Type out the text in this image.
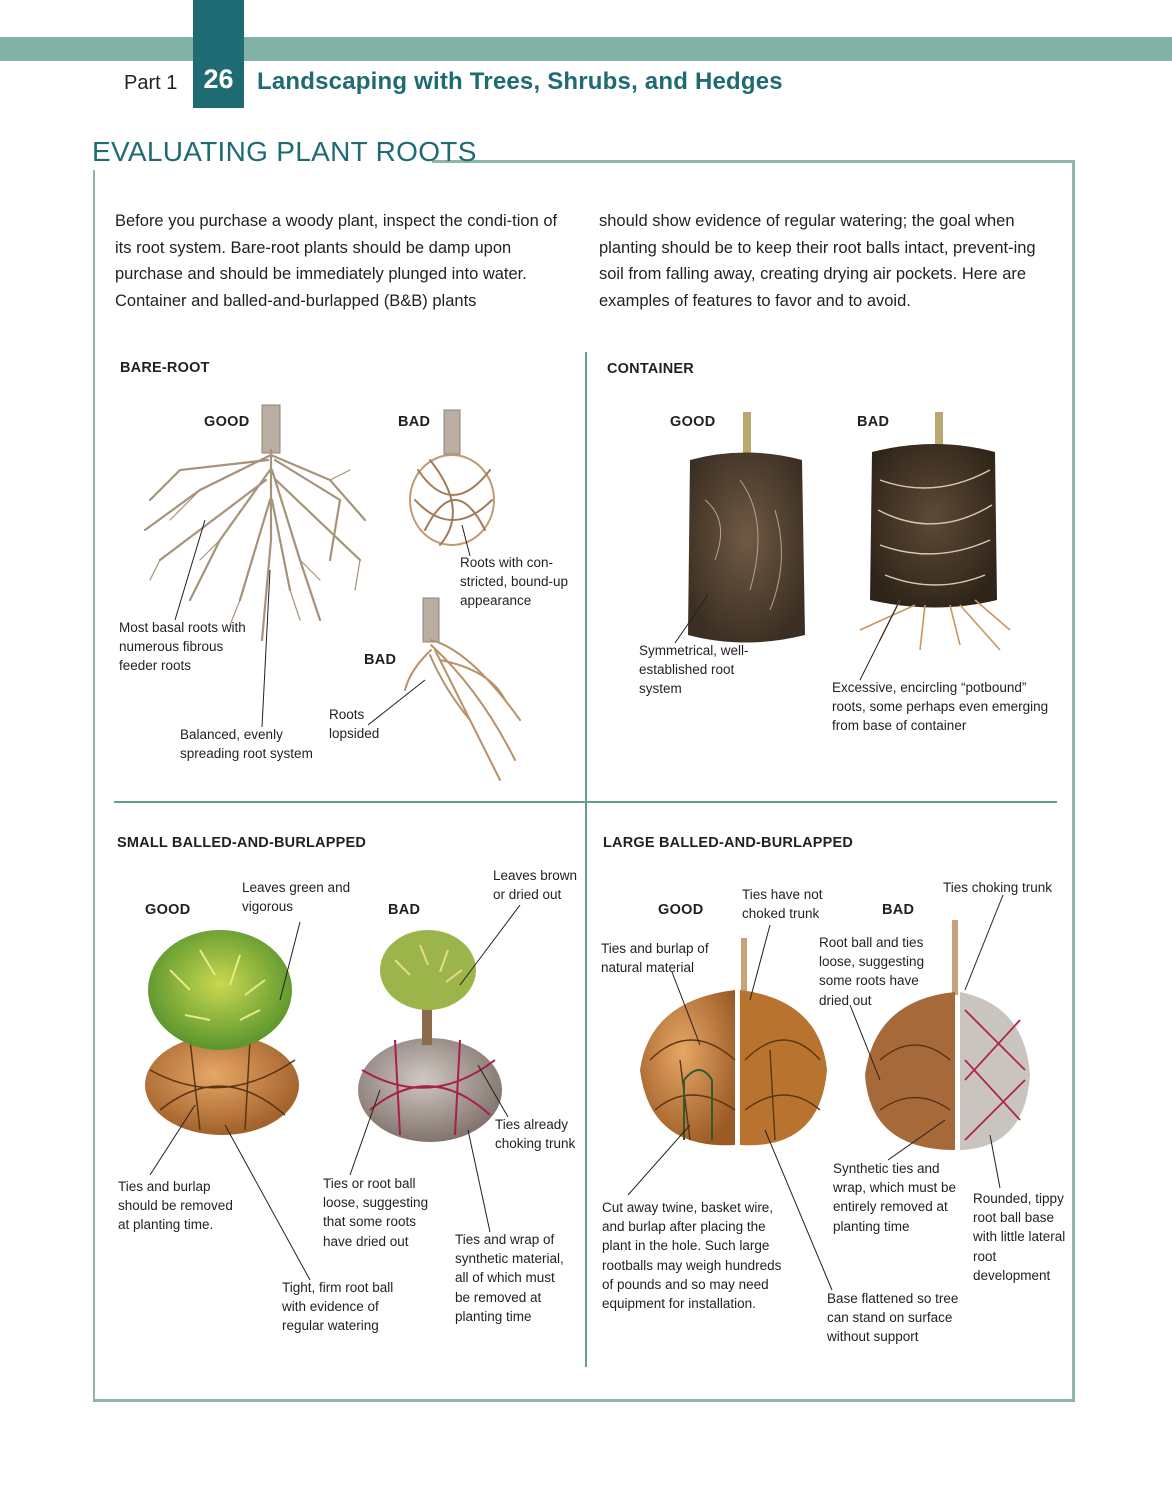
26
Part 1	Landscaping with Trees, Shrubs, and Hedges
EVALUATING PLANT ROOTS

Before you purchase a woody plant, inspect the condi-tion of its root system. Bare-root plants should be damp upon purchase and should be immediately plunged into water. Container and balled-and-burlapped (B&B) plants

should show evidence of regular watering; the goal when planting should be to keep their root balls intact, prevent-ing soil from falling away, creating drying air pockets. Here are examples of features to favor and to avoid.

BARE-ROOT
GOOD	BAD
BAD
Most basal roots with numerous fibrous feeder roots
Balanced, evenly spreading root system
Roots with con-stricted, bound-up appearance
Roots lopsided
CONTAINER
GOOD	BAD
Symmetrical, well-established root system	Excessive, encircling “potbound” roots, some perhaps even emerging from base of container
SMALL BALLED-AND-BURLAPPED
GOOD	BAD
Leaves green and vigorous
Leaves brown or dried out
Ties already choking trunk
Ties and burlap should be removed at planting time.
Ties or root ball loose, suggesting that some roots have dried out	Ties and wrap of synthetic material, all of which must be removed at planting time
Tight, firm root ball with evidence of regular watering
LARGE BALLED-AND-BURLAPPED
GOOD	BAD
Ties have not choked trunk
Ties and burlap of natural material
Ties choking trunk
Root ball and ties loose, suggesting some roots have dried out
Cut away twine, basket wire, and burlap after placing the plant in the hole. Such large rootballs may weigh hundreds of pounds and so may need equipment for installation.
Synthetic ties and wrap, which must be entirely removed at planting time
Rounded, tippy root ball base with little lateral root development
Base flattened so tree can stand on surface without support
